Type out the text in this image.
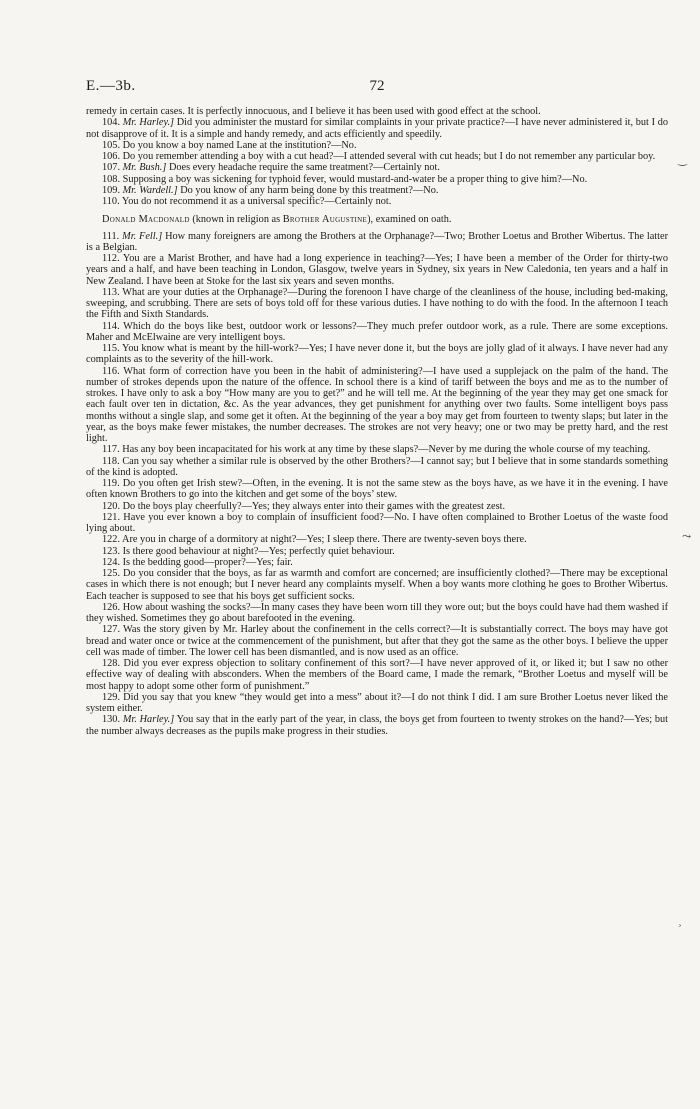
E.—3b.	72

remedy in certain cases. It is perfectly innocuous, and I believe it has been used with good effect at the school.

104. Mr. Harley.] Did you administer the mustard for similar complaints in your private practice?—I have never administered it, but I do not disapprove of it. It is a simple and handy remedy, and acts efficiently and speedily.

105. Do you know a boy named Lane at the institution?—No.

106. Do you remember attending a boy with a cut head?—I attended several with cut heads; but I do not remember any particular boy.

107. Mr. Bush.] Does every headache require the same treatment?—Certainly not.

108. Supposing a boy was sickening for typhoid fever, would mustard-and-water be a proper thing to give him?—No.

109. Mr. Wardell.] Do you know of any harm being done by this treatment?—No.

110. You do not recommend it as a universal specific?—Certainly not.

Donald Macdonald (known in religion as Brother Augustine), examined on oath.

111. Mr. Fell.] How many foreigners are among the Brothers at the Orphanage?—Two; Brother Loetus and Brother Wibertus. The latter is a Belgian.

112. You are a Marist Brother, and have had a long experience in teaching?—Yes; I have been a member of the Order for thirty-two years and a half, and have been teaching in London, Glasgow, twelve years in Sydney, six years in New Caledonia, ten years and a half in New Zealand. I have been at Stoke for the last six years and seven months.

113. What are your duties at the Orphanage?—During the forenoon I have charge of the cleanliness of the house, including bed-making, sweeping, and scrubbing. There are sets of boys told off for these various duties. I have nothing to do with the food. In the afternoon I teach the Fifth and Sixth Standards.

114. Which do the boys like best, outdoor work or lessons?—They much prefer outdoor work, as a rule. There are some exceptions. Maher and McElwaine are very intelligent boys.

115. You know what is meant by the hill-work?—Yes; I have never done it, but the boys are jolly glad of it always. I have never had any complaints as to the severity of the hill-work.

116. What form of correction have you been in the habit of administering?—I have used a supplejack on the palm of the hand. The number of strokes depends upon the nature of the offence. In school there is a kind of tariff between the boys and me as to the number of strokes. I have only to ask a boy “How many are you to get?” and he will tell me. At the beginning of the year they may get one smack for each fault over ten in dictation, &c. As the year advances, they get punishment for anything over two faults. Some intelligent boys pass months without a single slap, and some get it often. At the beginning of the year a boy may get from fourteen to twenty slaps; but later in the year, as the boys make fewer mistakes, the number decreases. The strokes are not very heavy; one or two may be pretty hard, and the rest light.

117. Has any boy been incapacitated for his work at any time by these slaps?—Never by me during the whole course of my teaching.

118. Can you say whether a similar rule is observed by the other Brothers?—I cannot say; but I believe that in some standards something of the kind is adopted.

119. Do you often get Irish stew?—Often, in the evening. It is not the same stew as the boys have, as we have it in the evening. I have often known Brothers to go into the kitchen and get some of the boys’ stew.

120. Do the boys play cheerfully?—Yes; they always enter into their games with the greatest zest.

121. Have you ever known a boy to complain of insufficient food?—No. I have often complained to Brother Loetus of the waste food lying about.

122. Are you in charge of a dormitory at night?—Yes; I sleep there. There are twenty-seven boys there.

123. Is there good behaviour at night?—Yes; perfectly quiet behaviour.

124. Is the bedding good—proper?—Yes; fair.

125. Do you consider that the boys, as far as warmth and comfort are concerned; are insufficiently clothed?—There may be exceptional cases in which there is not enough; but I never heard any complaints myself. When a boy wants more clothing he goes to Brother Wibertus. Each teacher is supposed to see that his boys get sufficient socks.

126. How about washing the socks?—In many cases they have been worn till they wore out; but the boys could have had them washed if they wished. Sometimes they go about barefooted in the evening.

127. Was the story given by Mr. Harley about the confinement in the cells correct?—It is substantially correct. The boys may have got bread and water once or twice at the commencement of the punishment, but after that they got the same as the other boys. I believe the upper cell was made of timber. The lower cell has been dismantled, and is now used as an office.

128. Did you ever express objection to solitary confinement of this sort?—I have never approved of it, or liked it; but I saw no other effective way of dealing with absconders. When the members of the Board came, I made the remark, “Brother Loetus and myself will be most happy to adopt some other form of punishment.”

129. Did you say that you knew “they would get into a mess” about it?—I do not think I did. I am sure Brother Loetus never liked the system either.

130. Mr. Harley.] You say that in the early part of the year, in class, the boys get from fourteen to twenty strokes on the hand?—Yes; but the number always decreases as the pupils make progress in their studies.

‿
⤳
¸
